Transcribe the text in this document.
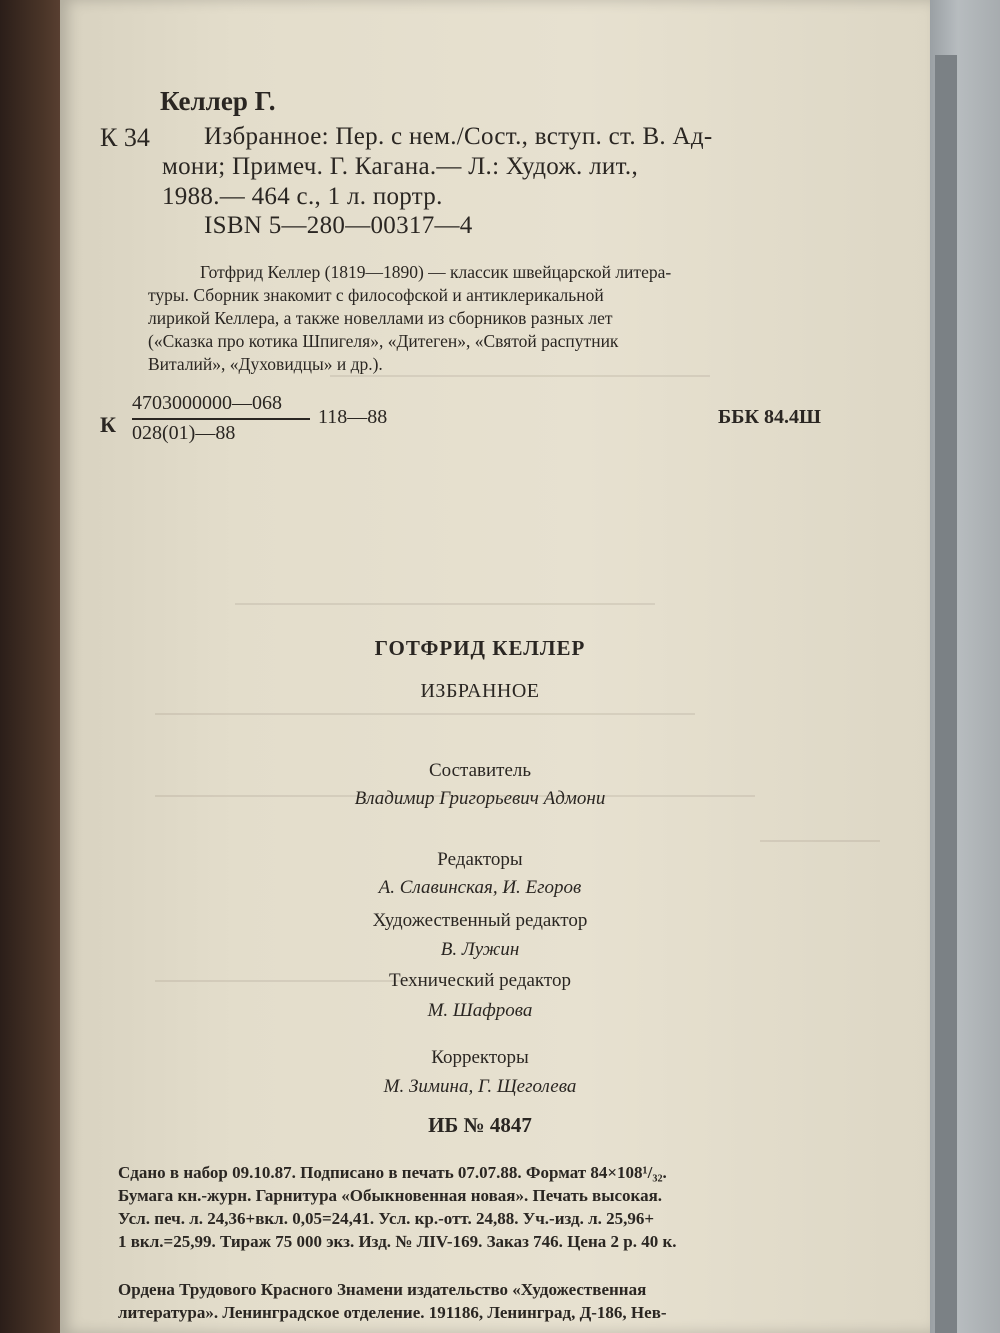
Келлер Г.
К 34 Избранное: Пер. с нем./Сост., вступ. ст. В. Ад-
мони; Примеч. Г. Кагана.— Л.: Худож. лит.,
1988.— 464 с., 1 л. портр.
ISBN 5—280—00317—4
Готфрид Келлер (1819—1890) — классик швейцарской литера-
туры. Сборник знакомит с философской и антиклерикальной
лирикой Келлера, а также новеллами из сборников разных лет
(«Сказка про котика Шпигеля», «Дитеген», «Святой распутник
Виталий», «Духовидцы» и др.).
К
4703000000—068
028(01)—88
118—88	ББК 84.4Ш
ГОТФРИД КЕЛЛЕР
ИЗБРАННОЕ
Составитель
Владимир Григорьевич Адмони
Редакторы
А. Славинская, И. Егоров
Художественный редактор
В. Лужин
Технический редактор
М. Шафрова
Корректоры
М. Зимина, Г. Щеголева
ИБ № 4847
Сдано в набор 09.10.87. Подписано в печать 07.07.88. Формат 84×108¹/₃₂.
Бумага кн.-журн. Гарнитура «Обыкновенная новая». Печать высокая.
Усл. печ. л. 24,36+вкл. 0,05=24,41. Усл. кр.-отт. 24,88. Уч.-изд. л. 25,96+
1 вкл.=25,99. Тираж 75 000 экз. Изд. № ЛIV-169. Заказ 746. Цена 2 р. 40 к.
Ордена Трудового Красного Знамени издательство «Художественная
литература». Ленинградское отделение. 191186, Ленинград, Д-186, Нев-
